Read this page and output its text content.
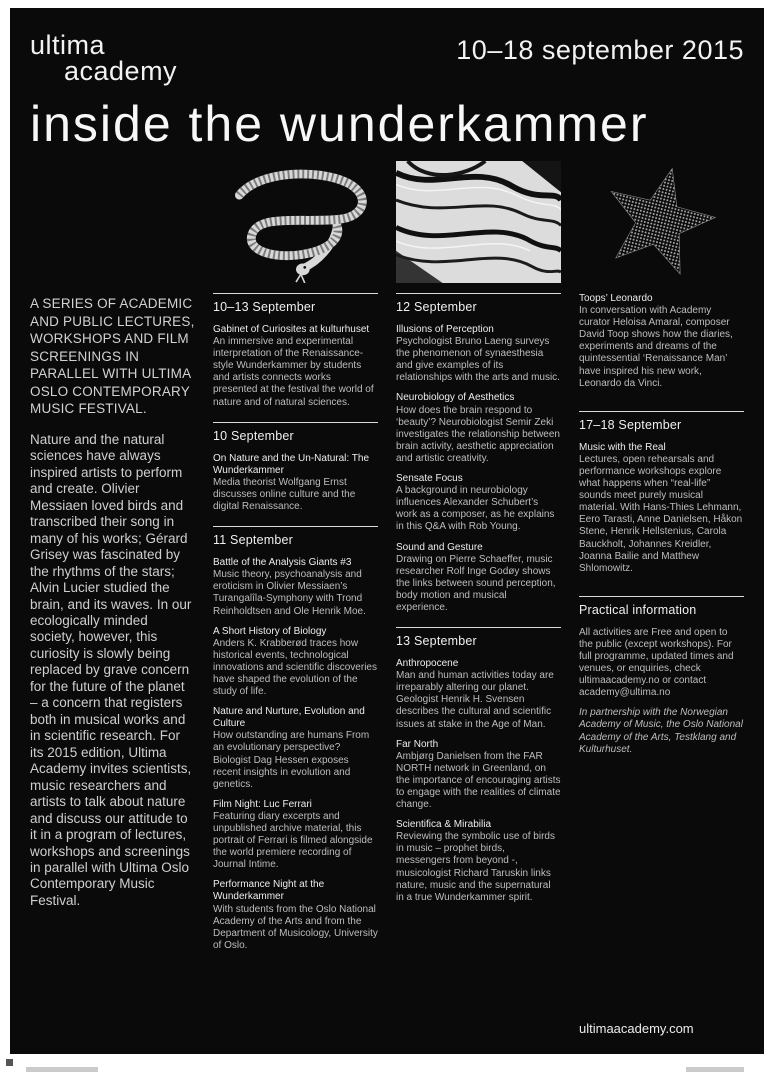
ultima
academy
10–18 september 2015
inside the wunderkammer

A SERIES OF ACADEMIC AND PUBLIC LECTURES, WORKSHOPS AND FILM SCREENINGS IN PARALLEL WITH ULTIMA OSLO CONTEMPORARY MUSIC FESTIVAL.

Nature and the natural sciences have always inspired artists to perform and create. Olivier Messiaen loved birds and transcribed their song in many of his works; Gérard Grisey was fascinated by the rhythms of the stars; Alvin Lucier studied the brain, and its waves. In our ecologically minded society, however, this curiosity is slowly being replaced by grave concern for the future of the planet – a concern that registers both in musical works and in scientific research. For its 2015 edition, Ultima Academy invites scientists, music researchers and artists to talk about nature and discuss our attitude to it in a program of lectures, workshops and screenings in parallel with Ultima Oslo Contemporary Music Festival.

10–13 September
Gabinet of Curiosites at kulturhuset
An immersive and experimental interpretation of the Renaissance-style Wunderkammer by students and artists connects works presented at the festival the world of nature and of natural sciences.
10 September
On Nature and the Un-Natural: The Wunderkammer
Media theorist Wolfgang Ernst discusses online culture and the digital Renaissance.
11 September
Battle of the Analysis Giants #3
Music theory, psychoanalysis and eroticism in Olivier Messiaen’s Turangalîla-Symphony with Trond Reinholdtsen and Ole Henrik Moe.
A Short History of Biology
Anders K. Krabberød traces how historical events, technological innovations and scientific discoveries have shaped the evolution of the study of life.
Nature and Nurture, Evolution and Culture
How outstanding are humans From an evolutionary perspective? Biologist Dag Hessen exposes recent insights in evolution and genetics.
Film Night: Luc Ferrari
Featuring diary excerpts and unpublished archive material, this portrait of Ferrari is filmed alongside the world premiere recording of Journal Intime.
Performance Night at the Wunderkammer
With students from the Oslo National Academy of the Arts and from the Department of Musicology, University of Oslo.
12 September
Illusions of Perception
Psychologist Bruno Laeng surveys the phenomenon of synaesthesia and give examples of its relationships with the arts and music.
Neurobiology of Aesthetics
How does the brain respond to ‘beauty’? Neurobiologist Semir Zeki investigates the relationship between brain activity, aesthetic appreciation and artistic creativity.
Sensate Focus
A background in neurobiology influences Alexander Schubert’s work as a composer, as he explains in this Q&A with Rob Young.
Sound and Gesture
Drawing on Pierre Schaeffer, music researcher Rolf Inge Godøy shows the links between sound perception, body motion and musical experience.
13 September
Anthropocene
Man and human activities today are irreparably altering our planet. Geologist Henrik H. Svensen describes the cultural and scientific issues at stake in the Age of Man.
Far North
Ambjørg Danielsen from the FAR NORTH network in Greenland, on the importance of encouraging artists to engage with the realities of climate change.
Scientifica & Mirabilia
Reviewing the symbolic use of birds in music – prophet birds, messengers from beyond -, musicologist Richard Taruskin links nature, music and the supernatural in a true Wunderkammer spirit.
Toops’ Leonardo
In conversation with Academy curator Heloisa Amaral, composer David Toop shows how the diaries, experiments and dreams of the quintessential ‘Renaissance Man’ have inspired his new work, Leonardo da Vinci.
17–18 September
Music with the Real
Lectures, open rehearsals and performance workshops explore what happens when “real-life” sounds meet purely musical material. With Hans-Thies Lehmann, Eero Tarasti, Anne Danielsen, Håkon Stene, Henrik Hellstenius, Carola Bauckholt, Johannes Kreidler, Joanna Bailie and Matthew Shlomowitz.
Practical information
All activities are Free and open to the public (except workshops). For full programme, updated times and venues, or enquiries, check ultimaacademy.no or contact academy@ultima.no
In partnership with the Norwegian Academy of Music, the Oslo National Academy of the Arts, Testklang and Kulturhuset.
ultimaacademy.com
